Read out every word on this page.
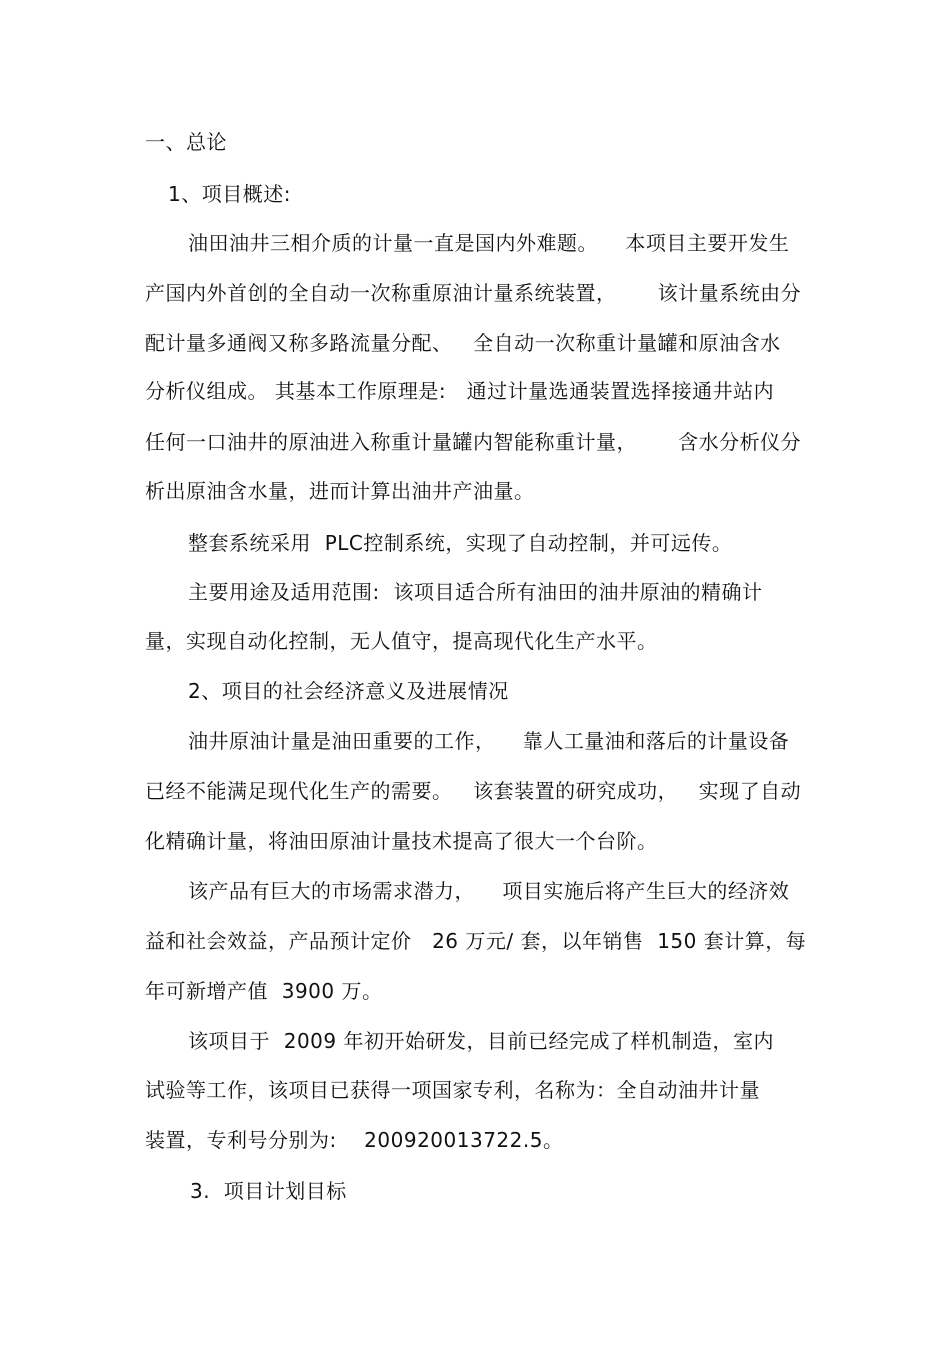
一、总论
1、项目概述:
油田油井三相介质的计量一直是国内外难题。    本项目主要开发生
产国内外首创的全自动一次称重原油计量系统装置，      该计量系统由分
配计量多通阀又称多路流量分配、   全自动一次称重计量罐和原油含水
分析仪组成。 其基本工作原理是:   通过计量选通装置选择接通井站内
任何一口油井的原油进入称重计量罐内智能称重计量，      含水分析仪分
析出原油含水量，进而计算出油井产油量。
整套系统采用  PLC控制系统，实现了自动控制，并可远传。
主要用途及适用范围:  该项目适合所有油田的油井原油的精确计
量，实现自动化控制，无人值守，提高现代化生产水平。
2、项目的社会经济意义及进展情况
油井原油计量是油田重要的工作，    靠人工量油和落后的计量设备
已经不能满足现代化生产的需要。   该套装置的研究成功，   实现了自动
化精确计量，将油田原油计量技术提高了很大一个台阶。
该产品有巨大的市场需求潜力，    项目实施后将产生巨大的经济效
益和社会效益，产品预计定价   26 万元/ 套，以年销售  150 套计算，每
年可新增产值  3900 万。
该项目于  2009 年初开始研发，目前已经完成了样机制造，室内
试验等工作，该项目已获得一项国家专利，名称为：全自动油井计量
装置，专利号分别为:    200920013722.5。
3.  项目计划目标
